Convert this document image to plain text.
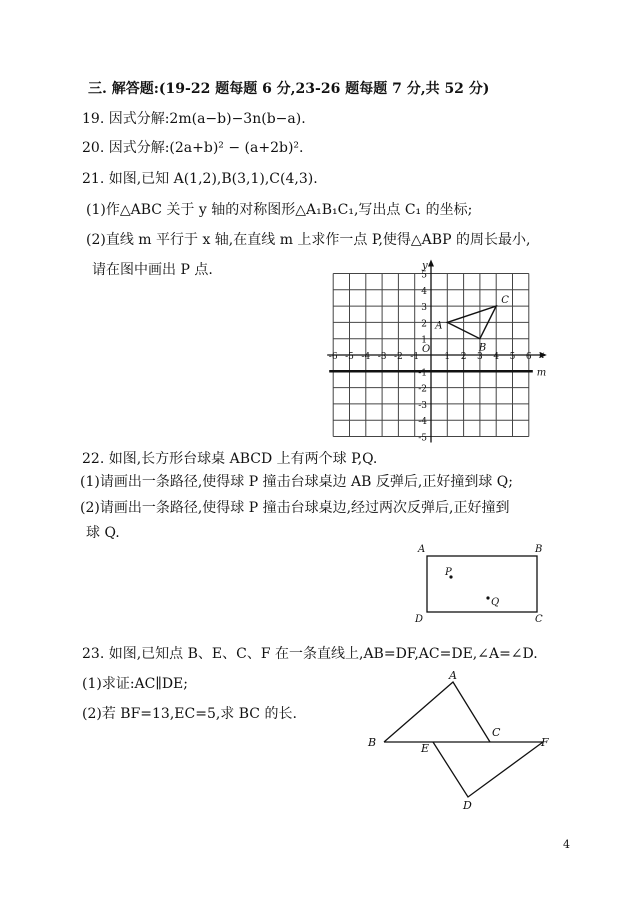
三. 解答题:(19-22 题每题 6 分,23-26 题每题 7 分,共 52 分)
19. 因式分解:2m(a−b)−3n(b−a).
20. 因式分解:(2a+b)² − (a+2b)².
21. 如图,已知 A(1,2),B(3,1),C(4,3).
(1)作△ABC 关于 y 轴的对称图形△A₁B₁C₁,写出点 C₁ 的坐标;
(2)直线 m 平行于 x 轴,在直线 m 上求作一点 P,使得△ABP 的周长最小,
请在图中画出 P 点.
x
y
O
-6 -5 -4 -3 -2 -1	1 2 3 4 5 6
5
4
3
2
1
-1
-2
-3
-4
-5
m
A
B
C
22. 如图,长方形台球桌 ABCD 上有两个球 P,Q.
(1)请画出一条路径,使得球 P 撞击台球桌边 AB 反弹后,正好撞到球 Q;
(2)请画出一条路径,使得球 P 撞击台球桌边,经过两次反弹后,正好撞到
球 Q.
A	B
C
D
P
Q
23. 如图,已知点 B、E、C、F 在一条直线上,AB=DF,AC=DE,∠A=∠D.
(1)求证:AC∥DE;
(2)若 BF=13,EC=5,求 BC 的长.
A
B
C
E	F
D
4
